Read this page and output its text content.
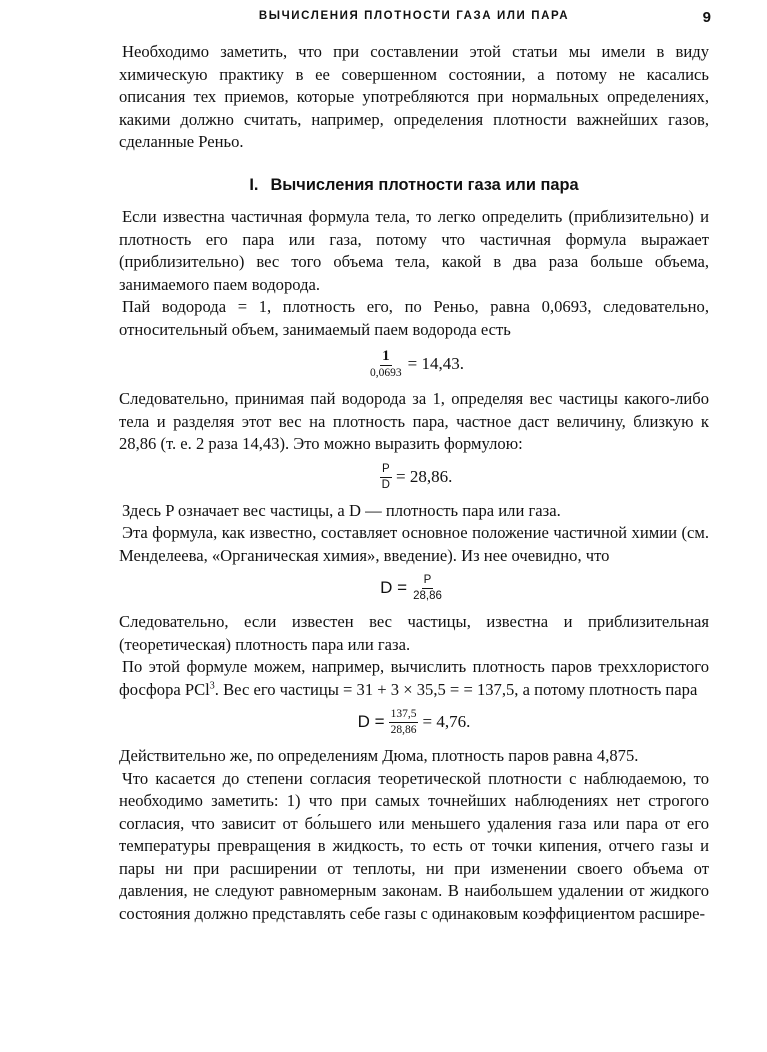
ВЫЧИСЛЕНИЯ ПЛОТНОСТИ ГАЗА ИЛИ ПАРА	9

Необходимо заметить, что при составлении этой статьи мы имели в виду химическую практику в ее совершенном состоянии, а потому не касались описания тех приемов, которые употребляются при нормальных определениях, какими должно считать, например, определения плотности важнейших газов, сделанные Реньо.

I. Вычисления плотности газа или пара

Если известна частичная формула тела, то легко определить (приблизительно) и плотность его пара или газа, потому что частичная формула выражает (приблизительно) вес того объема тела, какой в два раза больше объема, занимаемого паем водорода.

Пай водорода = 1, плотность его, по Реньо, равна 0,0693, следовательно, относительный объем, занимаемый паем водорода есть

$\frac{1}{0,0693} = 14,43$.

Следовательно, принимая пай водорода за 1, определяя вес частицы какого-либо тела и разделяя этот вес на плотность пара, частное даст величину, близкую к 28,86 (т. е. 2 раза 14,43). Это можно выразить формулою:

$\frac{P}{D} = 28,86$.

Здесь P означает вес частицы, а D — плотность пара или газа.

Эта формула, как известно, составляет основное положение частичной химии (см. Менделеева, «Органическая химия», введение). Из нее очевидно, что

$D = \frac{P}{28,86}$

Следовательно, если известен вес частицы, известна и приблизительная (теоретическая) плотность пара или газа.

По этой формуле можем, например, вычислить плотность паров треххлористого фосфора PCl$^3$. Вес его частицы = 31 + 3 × 35,5 = = 137,5, а потому плотность пара

$D = \frac{137,5}{28,86} = 4,76$.

Действительно же, по определениям Дюма, плотность паров равна 4,875.

Что касается до степени согласия теоретической плотности с наблюдаемою, то необходимо заметить: 1) что при самых точнейших наблюдениях нет строгого согласия, что зависит от бо́льшего или меньшего удаления газа или пара от его температуры превращения в жидкость, то есть от точки кипения, отчего газы и пары ни при расширении от теплоты, ни при изменении своего объема от давления, не следуют равномерным законам. В наибольшем удалении от жидкого состояния должно представлять себе газы с одинаковым коэффициентом расшире-
